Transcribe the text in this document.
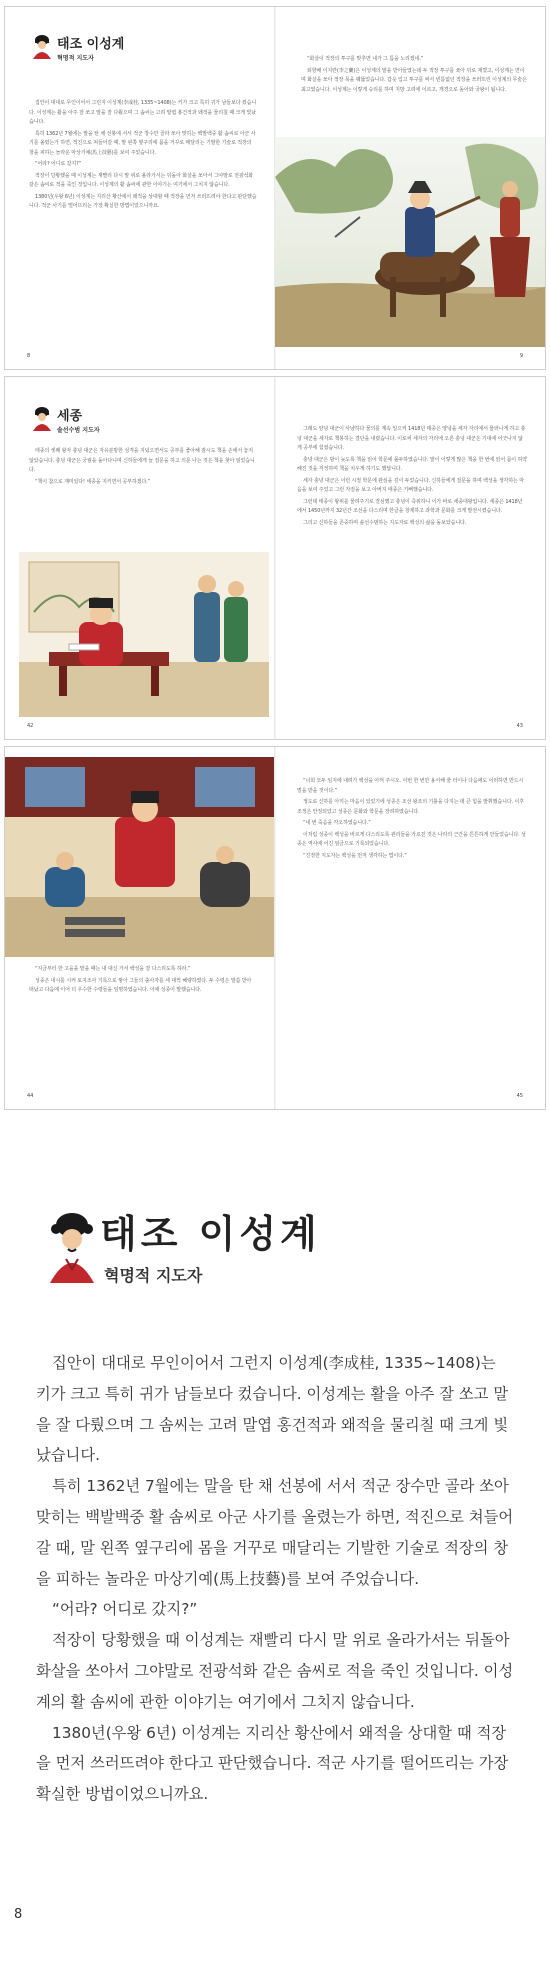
태조 이성계
혁명적 지도자

집안이 대대로 무인이어서 그런지 이성계(李成桂, 1335~1408)는 키가 크고 특히 귀가 남들보다 컸습니다. 이성계는 활을 아주 잘 쏘고 말을 잘 다뤘으며 그 솜씨는 고려 말엽 홍건적과 왜적을 물리칠 때 크게 빛났습니다.

특히 1362년 7월에는 말을 탄 채 선봉에 서서 적군 장수만 골라 쏘아 맞히는 백발백중 활 솜씨로 아군 사기를 올렸는가 하면, 적진으로 쳐들어갈 때, 말 왼쪽 옆구리에 몸을 거꾸로 매달리는 기발한 기술로 적장의 창을 피하는 놀라운 마상기예(馬上技藝)를 보여 주었습니다.

“어라? 어디로 갔지?”

적장이 당황했을 때 이성계는 재빨리 다시 말 위로 올라가서는 뒤돌아 화살을 쏘아서 그야말로 전광석화 같은 솜씨로 적을 죽인 것입니다. 이성계의 활 솜씨에 관한 이야기는 여기에서 그치지 않습니다.

1380년(우왕 6년) 이성계는 지리산 황산에서 왜적을 상대할 때 적장을 먼저 쓰러뜨려야 한다고 판단했습니다. 적군 사기를 떨어뜨리는 가장 확실한 방법이었으니까요.

8

“화살이 적장의 투구를 맞추면 내가 그 틈을 노리겠네.”

퇴향해 이지란(李之蘭)은 이성계의 말을 받아들였는데 두 적장 투구를 쏘아 뒤로 재꼈고, 이성계는 면이며 화살을 쏘아 적장 목을 꿰뚫었습니다. 갑옷 입고 투구를 써서 빈틈없던 적장을 쓰러뜨린 이성계의 무술은 최고였습니다. 이성계는 이렇게 승리를 하며 지방 고려에 이르고, 개경으로 돌아와 국왕이 됩니다.

9
세종
솔선수범 지도자

태종의 셋째 왕자 충녕 대군은 자유분방한 성격을 지녔으면서도 공부를 좋아해 잠시도 책을 손에서 놓지 않았습니다. 충녕 대군은 궁궐을 돌아다니며 신하들에게 늘 질문을 하고 의문 나는 것은 책을 찾아 읽었습니다.

“책이 참으로 재미있다! 세종을 지키면서 공부하겠다.”

42

그래도 양녕 대군이 사냥하다 물의를 계속 일으켜 1418년 태종은 양녕을 세자 자리에서 물러나게 하고 충녕 대군을 세자로 책봉하는 결단을 내렸습니다. 이로써 세자의 자리에 오른 충녕 대군은 기대에 어긋나지 않게 공부에 힘썼습니다.

충녕 대군은 밤이 늦도록 책을 읽어 학문에 몰두하였습니다. 말이 이렇게 많은 책을 한 번에 읽어 몸이 허약해진 것을 걱정하며 책을 치우게 하기도 했답니다.

세자 충녕 대군은 이런 시절 학문에 관심을 깊이 두었습니다. 신하들에게 질문을 하며 백성을 생각하는 마음을 보여 주었고 그런 자질을 보고 아버지 태종은 기뻐했습니다.

그런데 태종이 왕위를 물려주기로 결심했고 충녕이 즉위하니 이가 바로 세종대왕입니다. 세종은 1418년에서 1450년까지 32년간 조선을 다스리며 한글을 창제하고 과학과 문화를 크게 발전시켰습니다.

그리고 신하들을 존중하며 솔선수범하는 지도자로 백성의 삶을 돌보았습니다.

43

“지금부터 한 고을을 맡을 때는 내 대신 가서 백성을 잘 다스리도록 하라.”

성종은 내시를 시켜 토지조사 기록으로 쌓아 그들의 출사자를 세 대씩 혜량하였다. 두 수령은 말씀 받아 떠났고 다음에 이어 더 우수한 수령들을 임명하였습니다. 이에 성종이 말했습니다.

44

“너희 모두 임지에 내려가 백성을 아껴 주시오. 이번 한 번만 용서해 줄 터이나 다음에도 이러하면 반드시 벌을 받을 것이다.”

정도로 신하를 아끼는 마음이 있었기에 성종은 조선 왕조의 기틀을 다지는 데 큰 힘을 발휘했습니다. 이후 조정은 안정되었고 성종은 문화와 학문을 장려하였습니다.

“네 번 죽음을 각오하였습니다.”

이처럼 성종이 백성을 바르게 다스리도록 관리들을 가르친 것은 나라의 근간을 튼튼하게 만들었습니다. 성종은 역사에 어진 임금으로 기록되었습니다.

“진정한 지도자는 백성을 먼저 생각하는 법이다.”

45
태조 이성계
혁명적 지도자

집안이 대대로 무인이어서 그런지 이성계(李成桂, 1335~1408)는 키가 크고 특히 귀가 남들보다 컸습니다. 이성계는 활을 아주 잘 쏘고 말을 잘 다뤘으며 그 솜씨는 고려 말엽 홍건적과 왜적을 물리칠 때 크게 빛났습니다.

특히 1362년 7월에는 말을 탄 채 선봉에 서서 적군 장수만 골라 쏘아 맞히는 백발백중 활 솜씨로 아군 사기를 올렸는가 하면, 적진으로 쳐들어갈 때, 말 왼쪽 옆구리에 몸을 거꾸로 매달리는 기발한 기술로 적장의 창을 피하는 놀라운 마상기예(馬上技藝)를 보여 주었습니다.

“어라? 어디로 갔지?”

적장이 당황했을 때 이성계는 재빨리 다시 말 위로 올라가서는 뒤돌아 화살을 쏘아서 그야말로 전광석화 같은 솜씨로 적을 죽인 것입니다. 이성계의 활 솜씨에 관한 이야기는 여기에서 그치지 않습니다.

1380년(우왕 6년) 이성계는 지리산 황산에서 왜적을 상대할 때 적장을 먼저 쓰러뜨려야 한다고 판단했습니다. 적군 사기를 떨어뜨리는 가장 확실한 방법이었으니까요.

8
